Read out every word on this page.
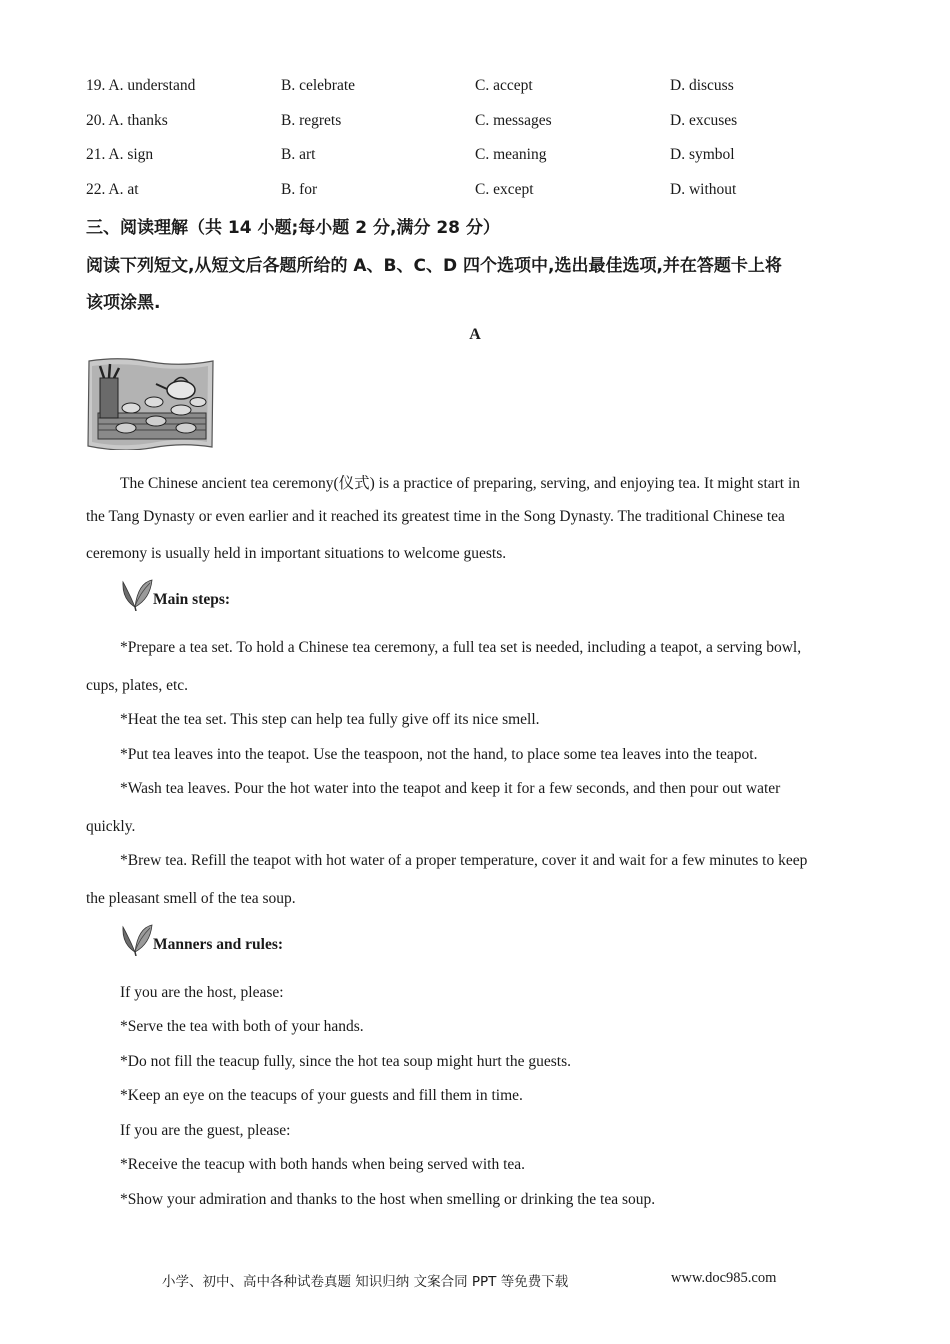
19. A. understand	B. celebrate	C. accept	D. discuss
20. A. thanks	B. regrets	C. messages	D. excuses
21. A. sign	B. art	C. meaning	D. symbol
22. A. at	B. for	C. except	D. without
三、阅读理解（共 14 小题;每小题 2 分,满分 28 分）
阅读下列短文,从短文后各题所给的 A、B、C、D 四个选项中,选出最佳选项,并在答题卡上将
该项涂黑.
A
The Chinese ancient tea ceremony(仪式) is a practice of preparing, serving, and enjoying tea. It might start in
the Tang Dynasty or even earlier and it reached its greatest time in the Song Dynasty. The traditional Chinese tea
ceremony is usually held in important situations to welcome guests.
Main steps:
*Prepare a tea set. To hold a Chinese tea ceremony, a full tea set is needed, including a teapot, a serving bowl,
cups, plates, etc.
*Heat the tea set. This step can help tea fully give off its nice smell.
*Put tea leaves into the teapot. Use the teaspoon, not the hand, to place some tea leaves into the teapot.
*Wash tea leaves. Pour the hot water into the teapot and keep it for a few seconds, and then pour out water
quickly.
*Brew tea. Refill the teapot with hot water of a proper temperature, cover it and wait for a few minutes to keep
the pleasant smell of the tea soup.
Manners and rules:
If you are the host, please:
*Serve the tea with both of your hands.
*Do not fill the teacup fully, since the hot tea soup might hurt the guests.
*Keep an eye on the teacups of your guests and fill them in time.
If you are the guest, please:
*Receive the teacup with both hands when being served with tea.
*Show your admiration and thanks to the host when smelling or drinking the tea soup.
小学、初中、高中各种试卷真题 知识归纳 文案合同 PPT 等免费下载	www.doc985.com
